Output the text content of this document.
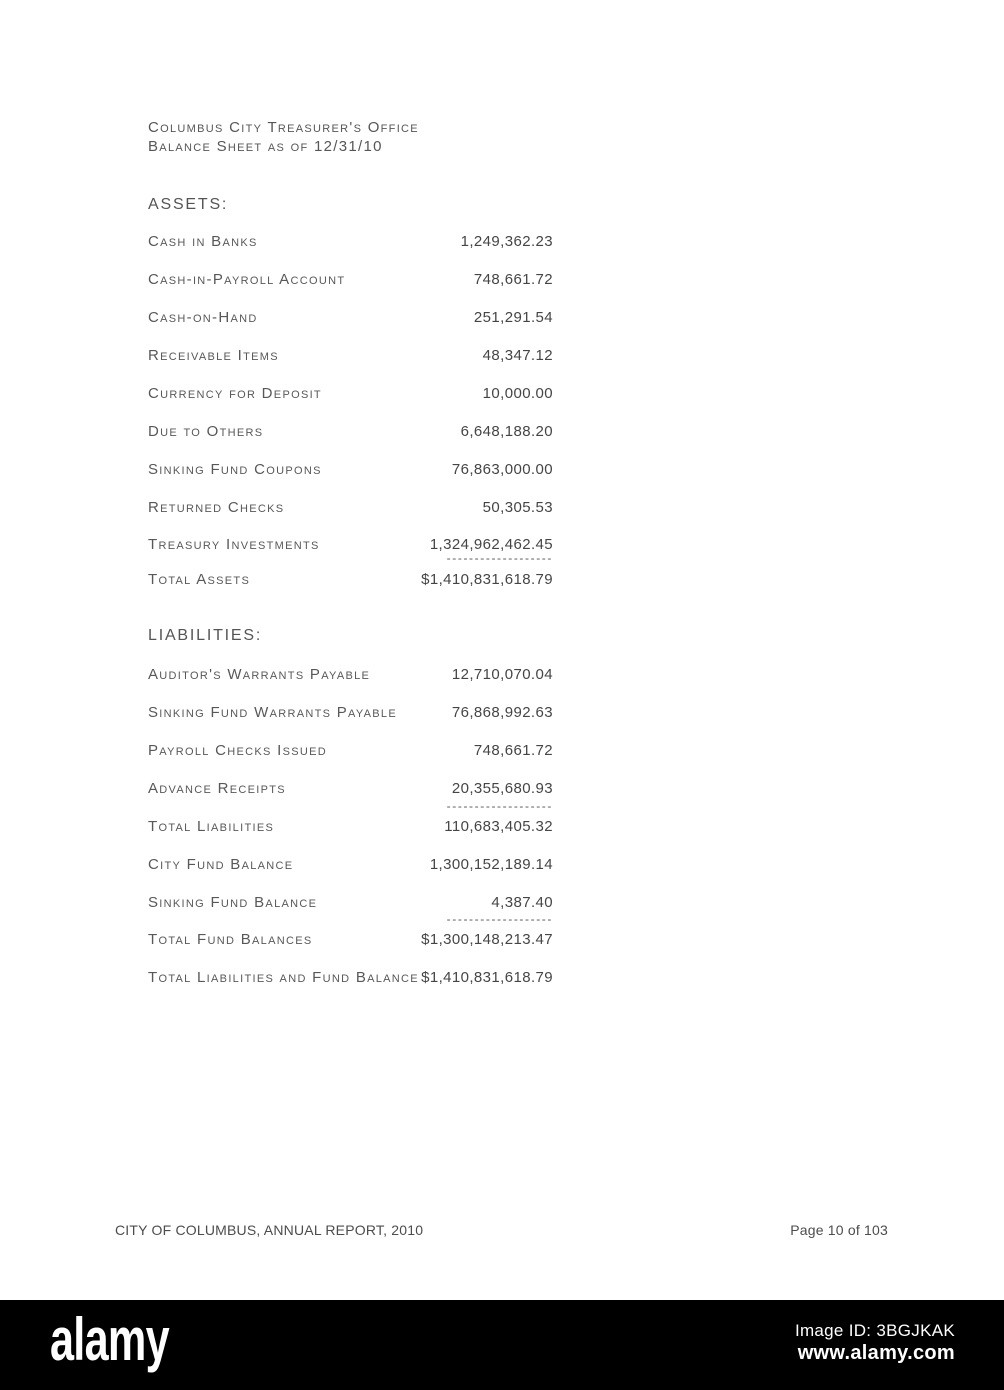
Columbus City Treasurer's Office
Balance Sheet as of 12/31/10
ASSETS:
Cash in Banks	1,249,362.23
Cash-in-Payroll Account	748,661.72
Cash-on-Hand	251,291.54
Receivable Items	48,347.12
Currency for Deposit	10,000.00
Due to Others	6,648,188.20
Sinking Fund Coupons	76,863,000.00
Returned Checks	50,305.53
Treasury Investments	1,324,962,462.45
-------------------
Total Assets	$1,410,831,618.79
LIABILITIES:
Auditor's Warrants Payable	12,710,070.04
Sinking Fund Warrants Payable	76,868,992.63
Payroll Checks Issued	748,661.72
Advance Receipts	20,355,680.93
-------------------
Total Liabilities	110,683,405.32
City Fund Balance	1,300,152,189.14
Sinking Fund Balance	4,387.40
-------------------
Total Fund Balances	$1,300,148,213.47
Total Liabilities and Fund Balance $1,410,831,618.79
CITY OF COLUMBUS, ANNUAL REPORT, 2010	Page 10 of 103
alamy	Image ID: 3BGJKAK
www.alamy.com
